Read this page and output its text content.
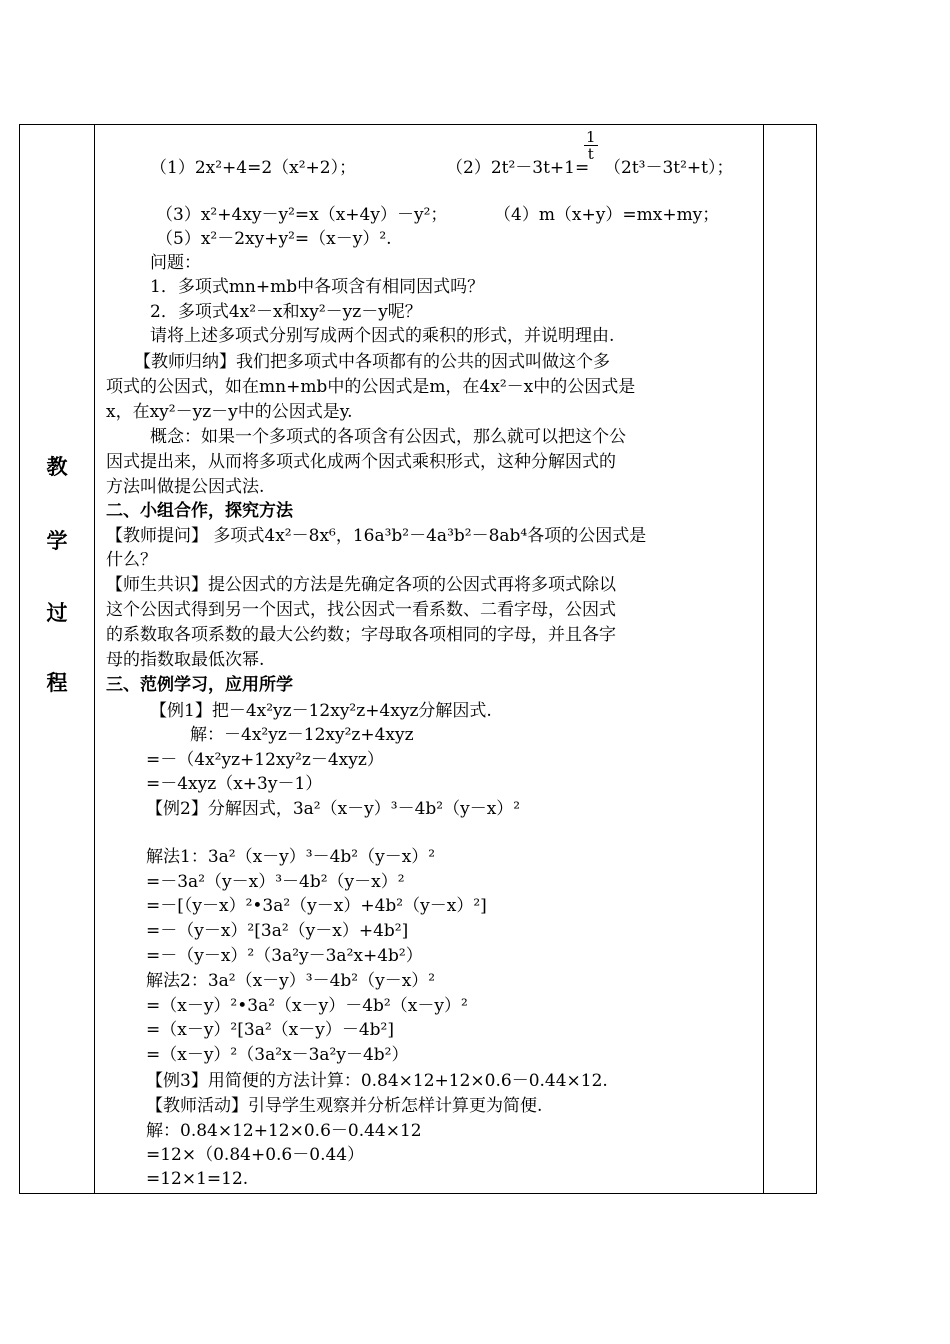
教
学
过
程
（1）2x²+4=2（x²+2）；	（2）2t²－3t+1=
$\frac{1}{t}$
（2t³－3t²+t）；
（3）x²+4xy－y²=x（x+4y）－y²；	（4）m（x+y）=mx+my；
（5）x²－2xy+y²=（x－y）².
问题：
1．多项式mn+mb中各项含有相同因式吗？
2．多项式4x²－x和xy²－yz－y呢？
请将上述多项式分别写成两个因式的乘积的形式，并说明理由.
【教师归纳】我们把多项式中各项都有的公共的因式叫做这个多
项式的公因式，如在mn+mb中的公因式是m，在4x²－x中的公因式是
x，在xy²－yz－y中的公因式是y.
概念：如果一个多项式的各项含有公因式，那么就可以把这个公
因式提出来，从而将多项式化成两个因式乘积形式，这种分解因式的
方法叫做提公因式法.
二、小组合作，探究方法
【教师提问】 多项式4x²－8x⁶，16a³b²－4a³b²－8ab⁴各项的公因式是
什么？
【师生共识】提公因式的方法是先确定各项的公因式再将多项式除以
这个公因式得到另一个因式，找公因式一看系数、二看字母，公因式
的系数取各项系数的最大公约数；字母取各项相同的字母，并且各字
母的指数取最低次幂.
三、范例学习，应用所学
【例1】把－4x²yz－12xy²z+4xyz分解因式.
解：－4x²yz－12xy²z+4xyz
=－（4x²yz+12xy²z－4xyz）
=－4xyz（x+3y－1）
【例2】分解因式，3a²（x－y）³－4b²（y－x）²
解法1：3a²（x－y）³－4b²（y－x）²
=－3a²（y－x）³－4b²（y－x）²
=－[（y－x）²•3a²（y－x）+4b²（y－x）²]
=－（y－x）²[3a²（y－x）+4b²]
=－（y－x）²（3a²y－3a²x+4b²）
解法2：3a²（x－y）³－4b²（y－x）²
=（x－y）²•3a²（x－y）－4b²（x－y）²
=（x－y）²[3a²（x－y）－4b²]
=（x－y）²（3a²x－3a²y－4b²）
【例3】用简便的方法计算：0.84×12+12×0.6－0.44×12.
【教师活动】引导学生观察并分析怎样计算更为简便.
解：0.84×12+12×0.6－0.44×12
=12×（0.84+0.6－0.44）
=12×1=12.
